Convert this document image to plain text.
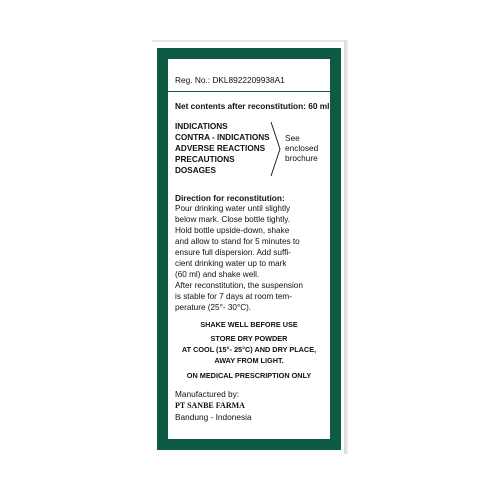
Reg. No.: DKL8922209938A1
Net contents after reconstitution: 60 ml
INDICATIONS
CONTRA - INDICATIONS
ADVERSE REACTIONS
PRECAUTIONS
DOSAGES
See
enclosed
brochure
Direction for reconstitution:
Pour drinking water until slightly
below mark. Close bottle tightly.
Hold bottle upside-down, shake
and allow to stand for 5 minutes to
ensure full dispersion. Add suffi-
cient drinking water up to mark
(60 ml) and shake well.
After reconstitution, the suspension
is stable for 7 days at room tem-
perature (25°- 30°C).
SHAKE WELL BEFORE USE
STORE DRY POWDER
AT COOL (15°- 25°C) AND DRY PLACE,
AWAY FROM LIGHT.
ON MEDICAL PRESCRIPTION ONLY
Manufactured by:
PT SANBE FARMA
Bandung - Indonesia
